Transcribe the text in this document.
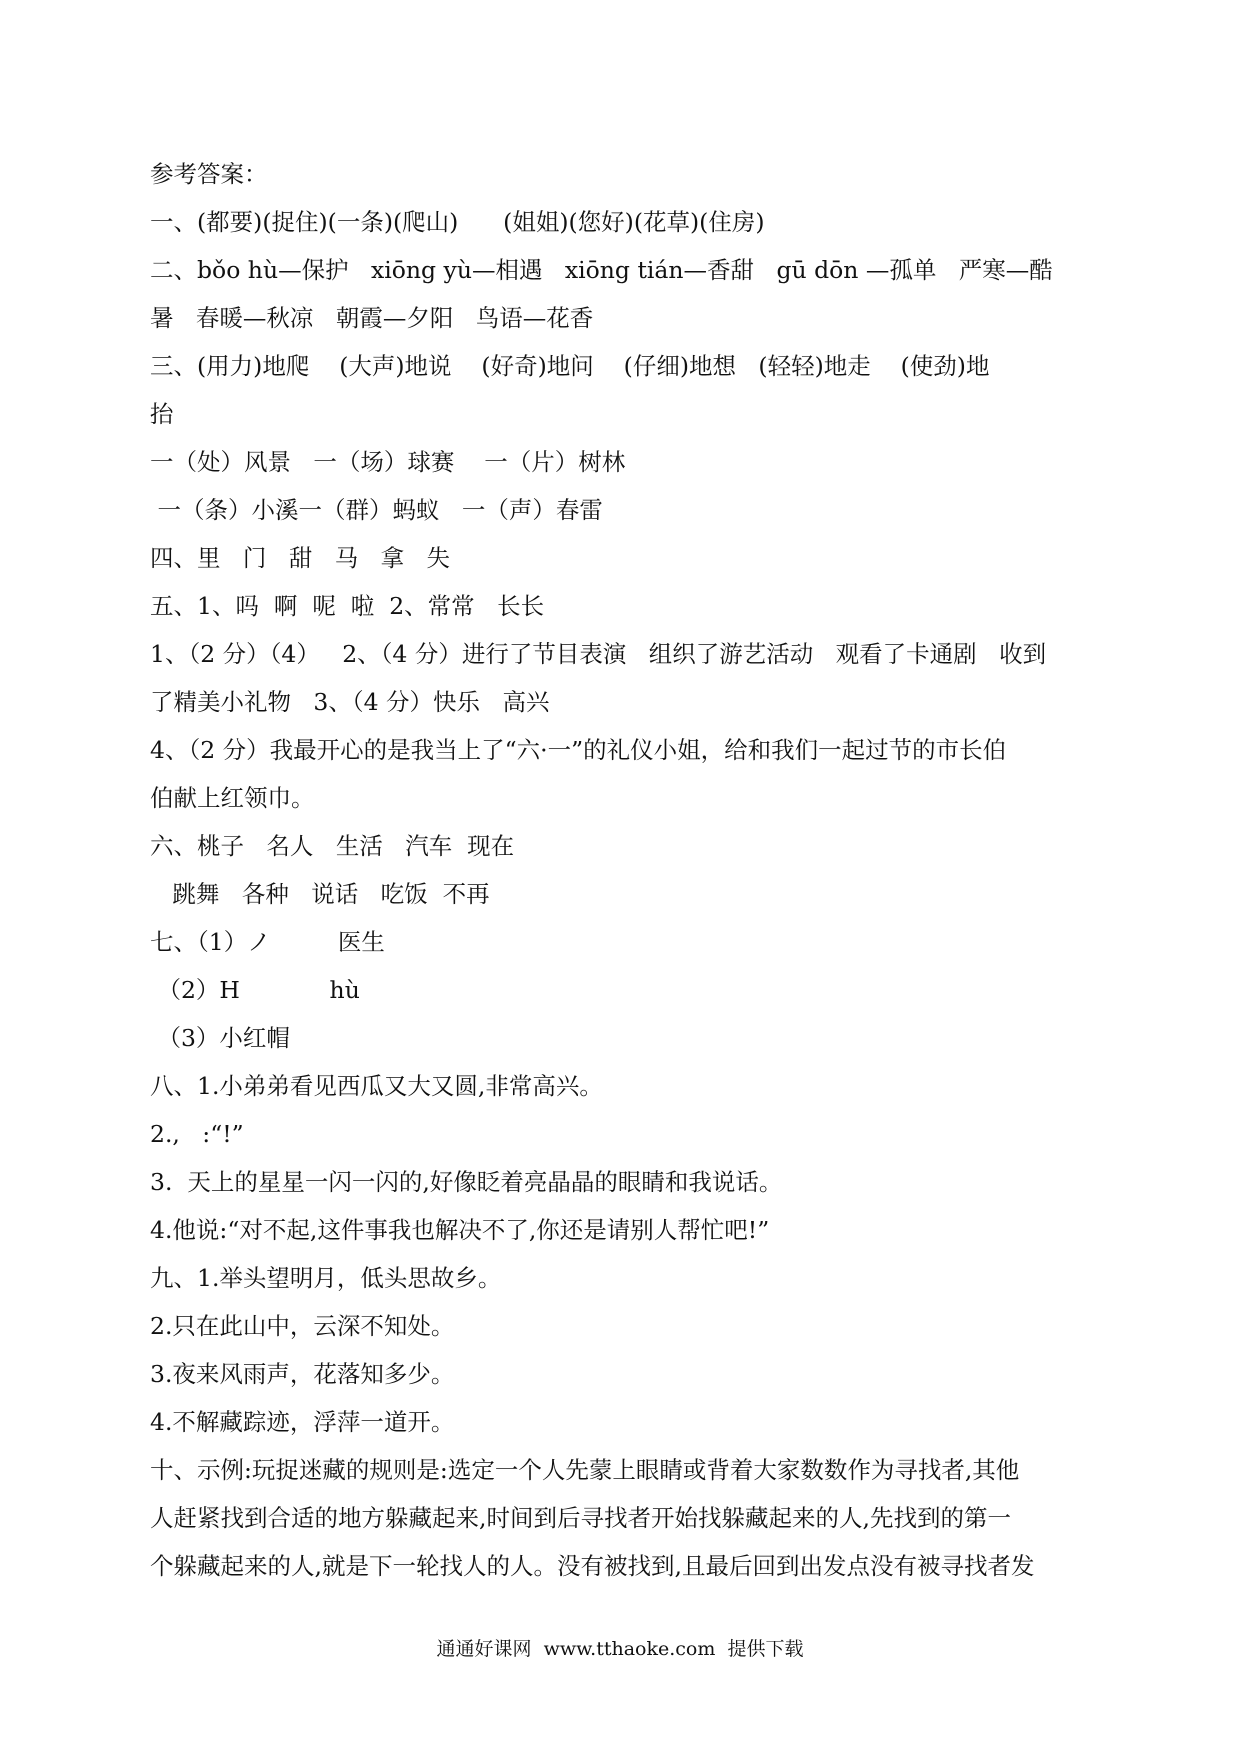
参考答案：
一、(都要)(捉住)(一条)(爬山)      (姐姐)(您好)(花草)(住房)
二、bǒo hù—保护   xiōng yù—相遇   xiōng tián—香甜   gū dōn —孤单   严寒—酷
暑   春暖—秋凉   朝霞—夕阳   鸟语—花香
三、(用力)地爬    (大声)地说    (好奇)地问    (仔细)地想   (轻轻)地走    (使劲)地
抬
一（处）风景   一（场）球赛    一（片）树林
一（条）小溪一（群）蚂蚁   一（声）春雷
四、里   门   甜   马   拿   失
五、1、吗  啊  呢  啦  2、常常   长长
1、（2 分）（4）   2、（4 分）进行了节目表演   组织了游艺活动   观看了卡通剧   收到
了精美小礼物   3、（4 分）快乐   高兴
4、（2 分）我最开心的是我当上了“六·一”的礼仪小姐，给和我们一起过节的市长伯
伯献上红领巾。
六、桃子   名人   生活   汽车  现在
跳舞   各种   说话   吃饭  不再
七、（1）ノ         医生
（2）H            hù
（3）小红帽
八、1.小弟弟看见西瓜又大又圆,非常高兴。
2.,   :“!”
3.  天上的星星一闪一闪的,好像眨着亮晶晶的眼睛和我说话。
4.他说:“对不起,这件事我也解决不了,你还是请别人帮忙吧!”
九、1.举头望明月，低头思故乡。
2.只在此山中，云深不知处。
3.夜来风雨声，花落知多少。
4.不解藏踪迹，浮萍一道开。
十、示例:玩捉迷藏的规则是:选定一个人先蒙上眼睛或背着大家数数作为寻找者,其他
人赶紧找到合适的地方躲藏起来,时间到后寻找者开始找躲藏起来的人,先找到的第一
个躲藏起来的人,就是下一轮找人的人。没有被找到,且最后回到出发点没有被寻找者发
通通好课网  www.tthaoke.com  提供下载
